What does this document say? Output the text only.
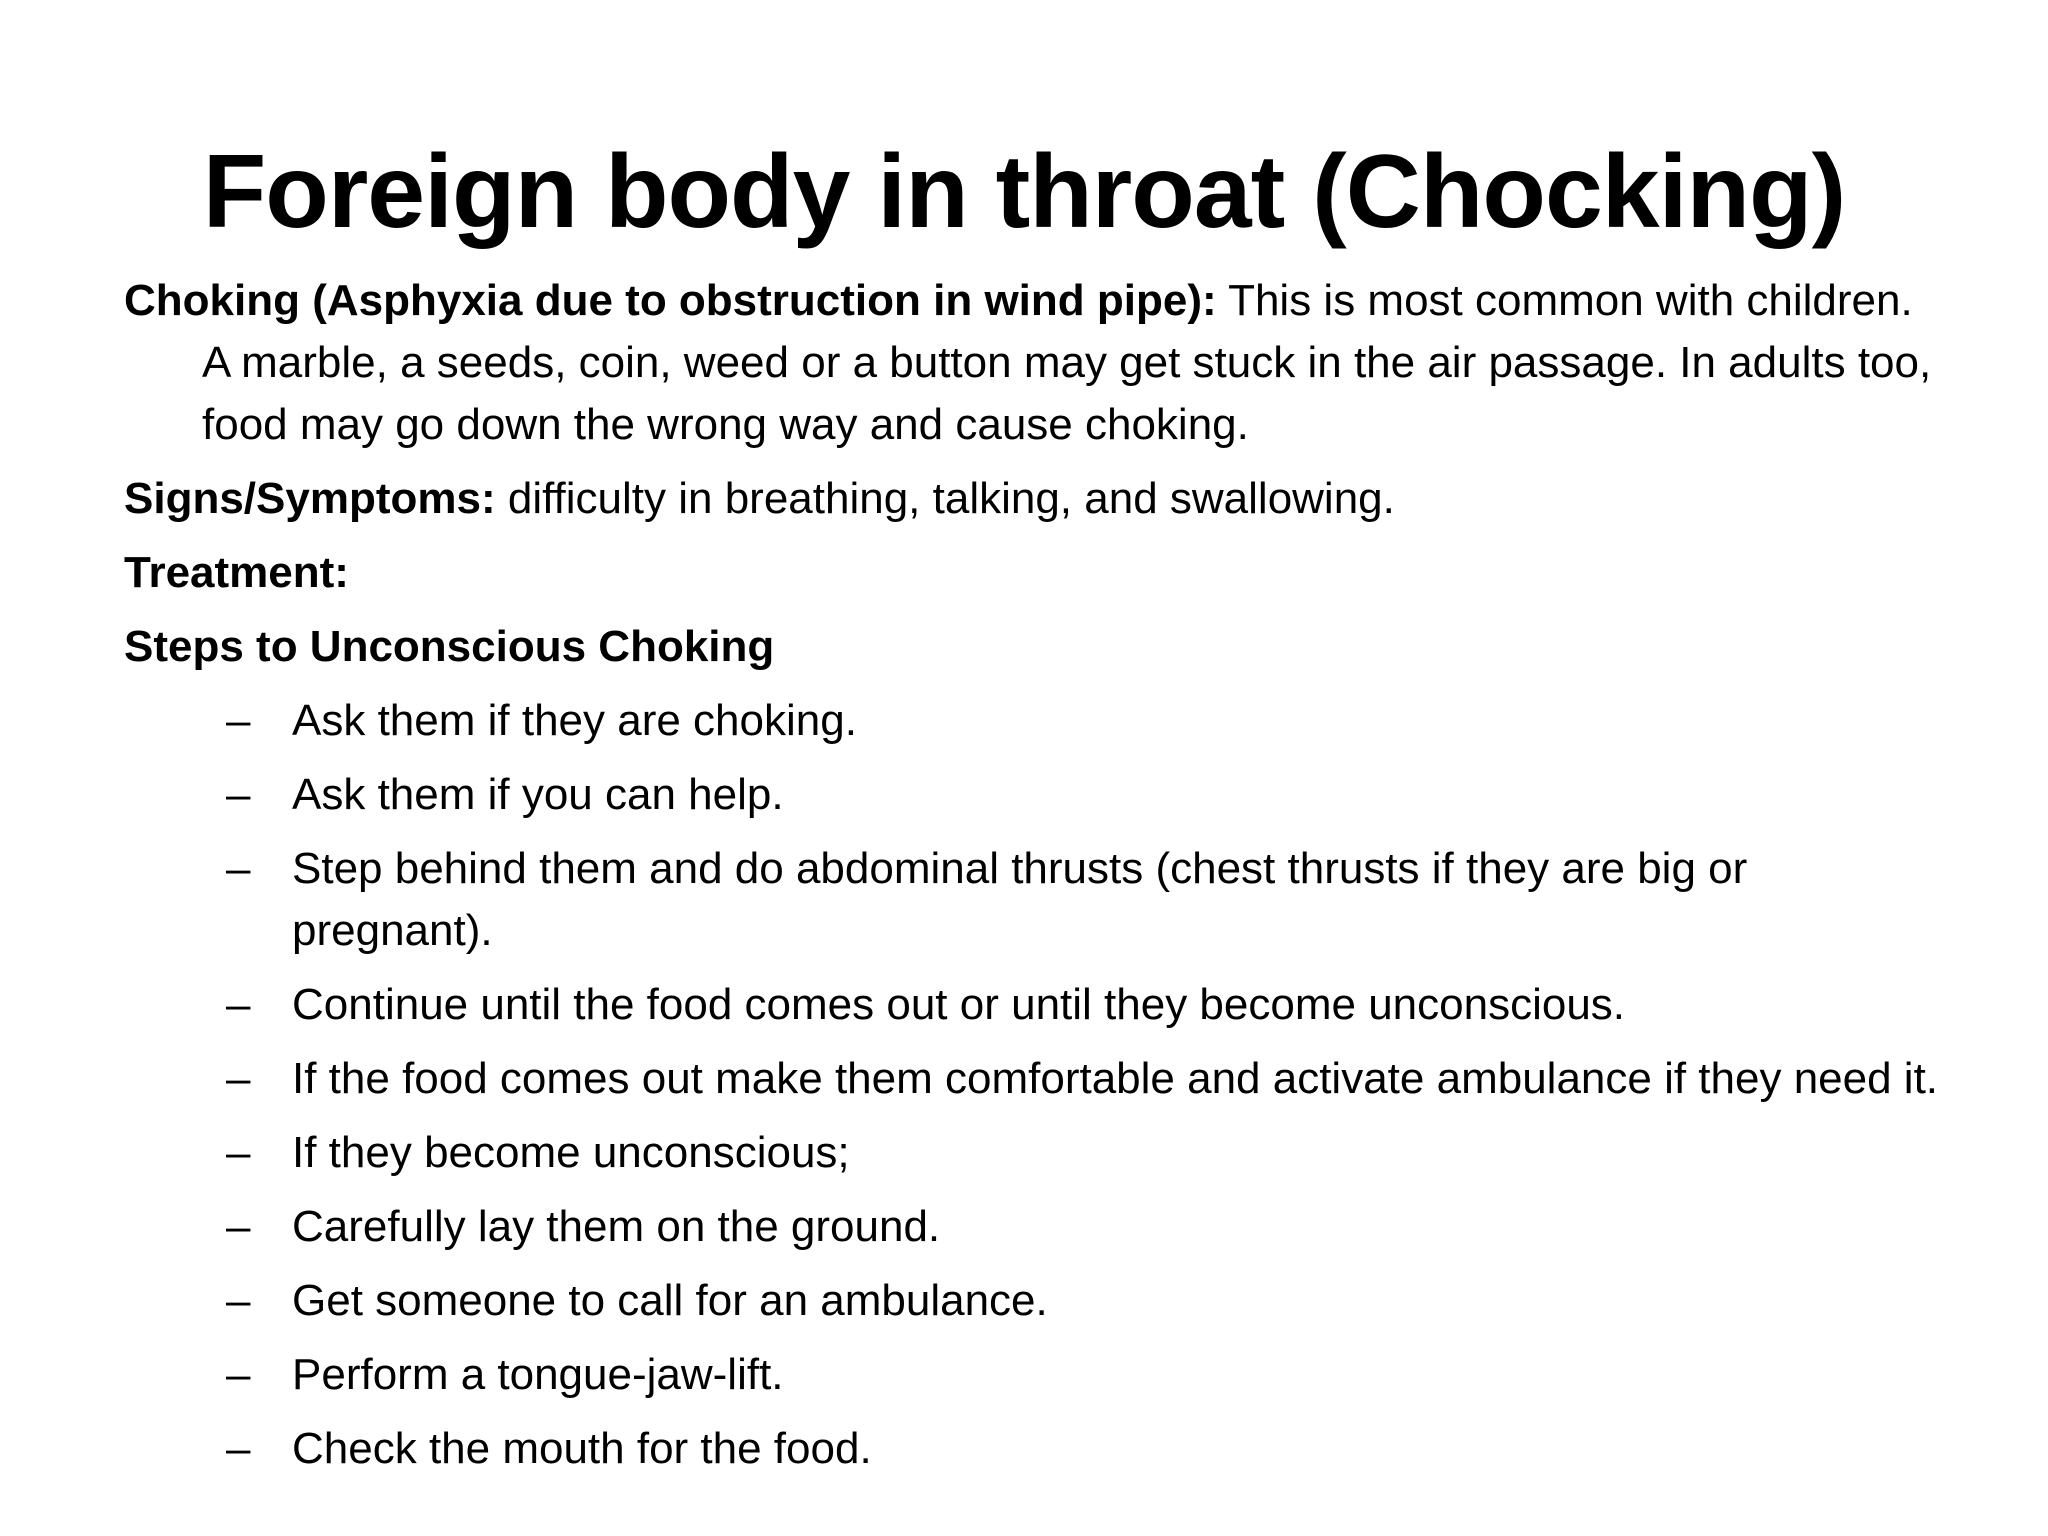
Foreign body in throat (Chocking)

Choking (Asphyxia due to obstruction in wind pipe): This is most common with children. A marble, a seeds, coin, weed or a button may get stuck in the air passage. In adults too, food may go down the wrong way and cause choking.

Signs/Symptoms: difficulty in breathing, talking, and swallowing.

Treatment:
Steps to Unconscious Choking
– Ask them if they are choking.
– Ask them if you can help.
– Step behind them and do abdominal thrusts (chest thrusts if they are big or pregnant).
– Continue until the food comes out or until they become unconscious.
– If the food comes out make them comfortable and activate ambulance if they need it.
– If they become unconscious;
– Carefully lay them on the ground.
– Get someone to call for an ambulance.
– Perform a tongue-jaw-lift.
– Check the mouth for the food.
